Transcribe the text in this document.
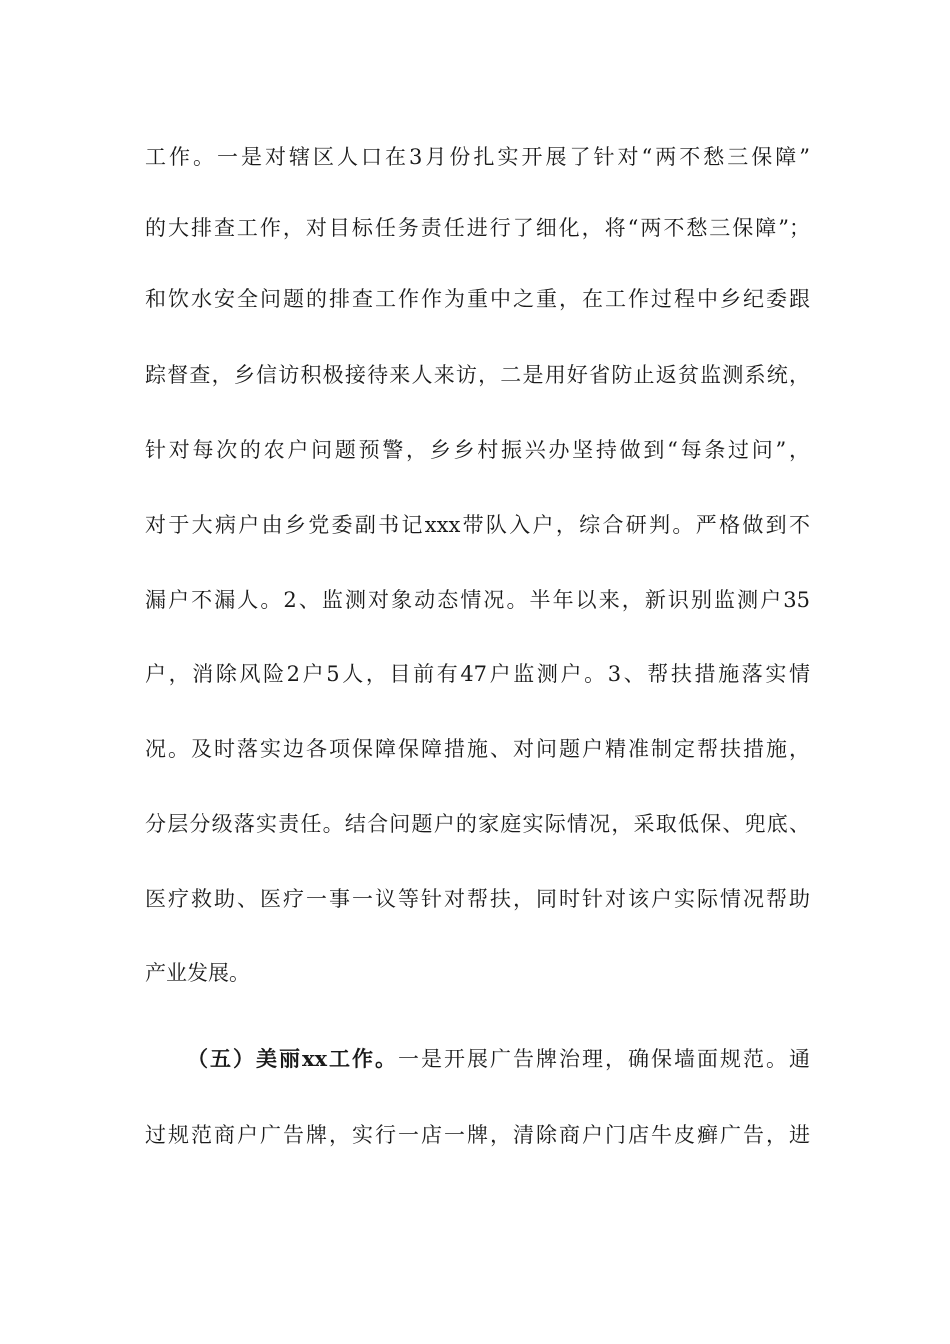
工作。一是对辖区人口在3月份扎实开展了针对“两不愁三保障”
的大排查工作，对目标任务责任进行了细化，将“两不愁三保障”；
和饮水安全问题的排查工作作为重中之重，在工作过程中乡纪委跟
踪督查，乡信访积极接待来人来访，二是用好省防止返贫监测系统，
针对每次的农户问题预警，乡乡村振兴办坚持做到“每条过问”，
对于大病户由乡党委副书记xxx带队入户，综合研判。严格做到不
漏户不漏人。2、监测对象动态情况。半年以来，新识别监测户35
户，消除风险2户5人，目前有47户监测户。3、帮扶措施落实情
况。及时落实边各项保障保障措施、对问题户精准制定帮扶措施，
分层分级落实责任。结合问题户的家庭实际情况，采取低保、兜底、
医疗救助、医疗一事一议等针对帮扶，同时针对该户实际情况帮助
产业发展。
（五）美丽xx工作。一是开展广告牌治理，确保墙面规范。通
过规范商户广告牌，实行一店一牌，清除商户门店牛皮癣广告，进
